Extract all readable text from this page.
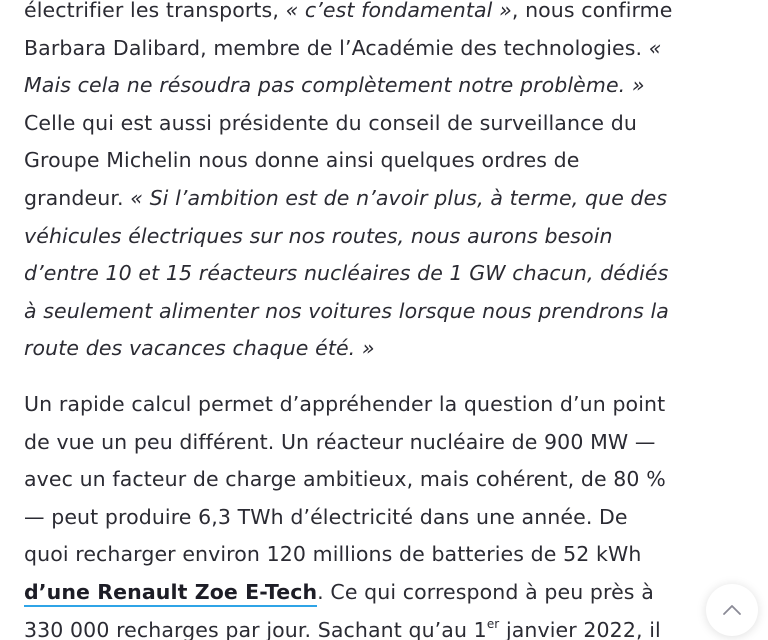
électrifier les transports, « c’est fondamental », nous confirme
Barbara Dalibard, membre de l’Académie des technologies. «
Mais cela ne résoudra pas complètement notre problème. »
Celle qui est aussi présidente du conseil de surveillance du
Groupe Michelin nous donne ainsi quelques ordres de
grandeur. « Si l’ambition est de n’avoir plus, à terme, que des
véhicules électriques sur nos routes, nous aurons besoin
d’entre 10 et 15 réacteurs nucléaires de 1 GW chacun, dédiés
à seulement alimenter nos voitures lorsque nous prendrons la
route des vacances chaque été. »
Un rapide calcul permet d’appréhender la question d’un point
de vue un peu différent. Un réacteur nucléaire de 900 MW —
avec un facteur de charge ambitieux, mais cohérent, de 80 %
— peut produire 6,3 TWh d’électricité dans une année. De
quoi recharger environ 120 millions de batteries de 52 kWh
d’une Renault Zoe E-Tech. Ce qui correspond à peu près à
330 000 recharges par jour. Sachant qu’au 1er janvier 2022, il
